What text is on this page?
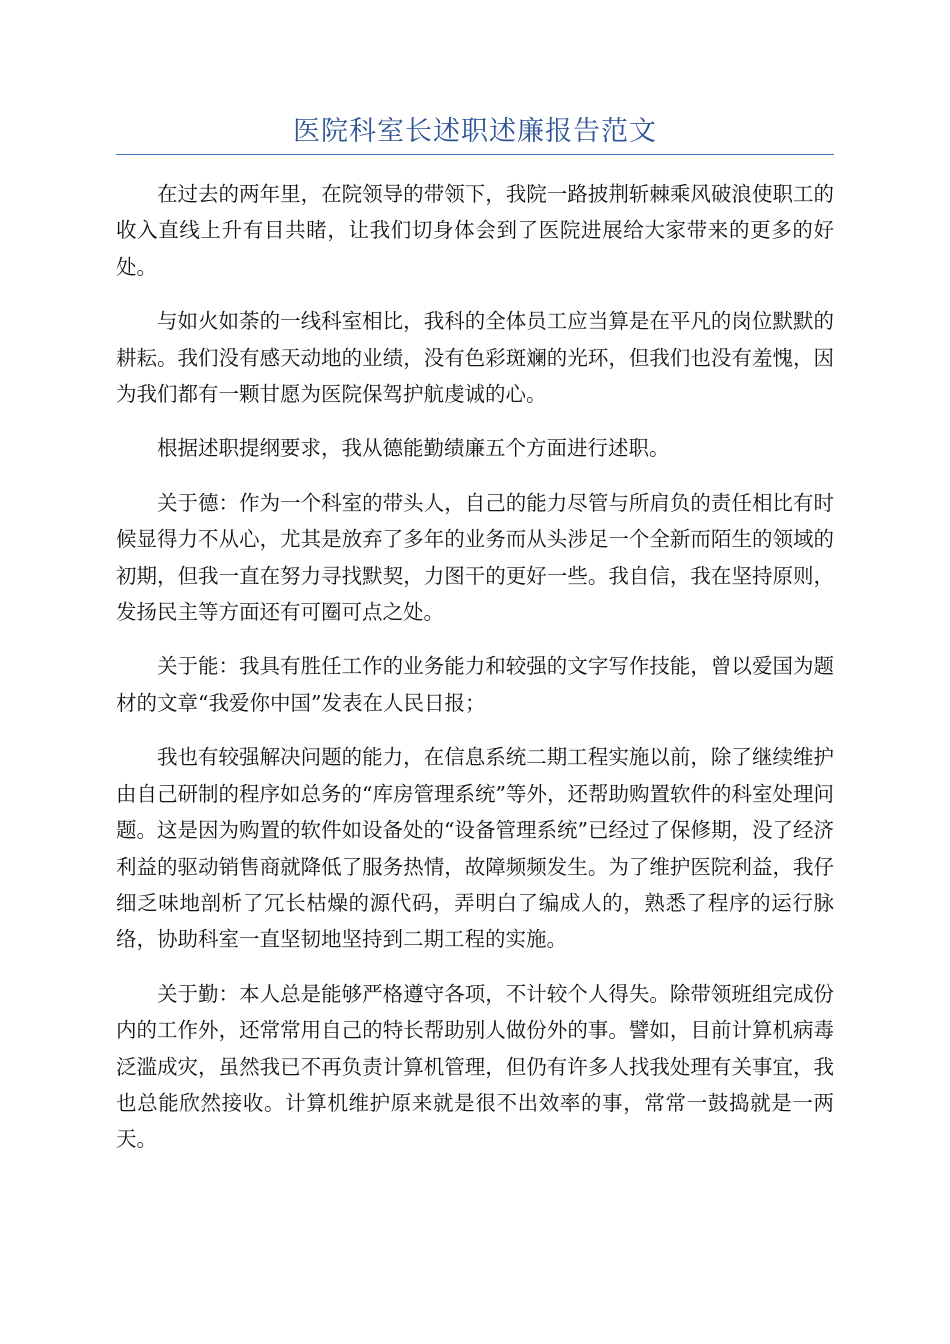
医院科室长述职述廉报告范文

在过去的两年里，在院领导的带领下，我院一路披荆斩棘乘风破浪使职工的收入直线上升有目共睹，让我们切身体会到了医院进展给大家带来的更多的好处。

与如火如荼的一线科室相比，我科的全体员工应当算是在平凡的岗位默默的耕耘。我们没有感天动地的业绩，没有色彩斑斓的光环，但我们也没有羞愧，因为我们都有一颗甘愿为医院保驾护航虔诚的心。

根据述职提纲要求，我从德能勤绩廉五个方面进行述职。

关于德：作为一个科室的带头人，自己的能力尽管与所肩负的责任相比有时候显得力不从心，尤其是放弃了多年的业务而从头涉足一个全新而陌生的领域的初期，但我一直在努力寻找默契，力图干的更好一些。我自信，我在坚持原则，发扬民主等方面还有可圈可点之处。

关于能：我具有胜任工作的业务能力和较强的文字写作技能，曾以爱国为题材的文章“我爱你中国”发表在人民日报；

我也有较强解决问题的能力，在信息系统二期工程实施以前，除了继续维护由自己研制的程序如总务的“库房管理系统”等外，还帮助购置软件的科室处理问题。这是因为购置的软件如设备处的“设备管理系统”已经过了保修期，没了经济利益的驱动销售商就降低了服务热情，故障频频发生。为了维护医院利益，我仔细乏味地剖析了冗长枯燥的源代码，弄明白了编成人的，熟悉了程序的运行脉络，协助科室一直坚韧地坚持到二期工程的实施。

关于勤：本人总是能够严格遵守各项，不计较个人得失。除带领班组完成份内的工作外，还常常用自己的特长帮助别人做份外的事。譬如，目前计算机病毒泛滥成灾，虽然我已不再负责计算机管理，但仍有许多人找我处理有关事宜，我也总能欣然接收。计算机维护原来就是很不出效率的事，常常一鼓捣就是一两天。
